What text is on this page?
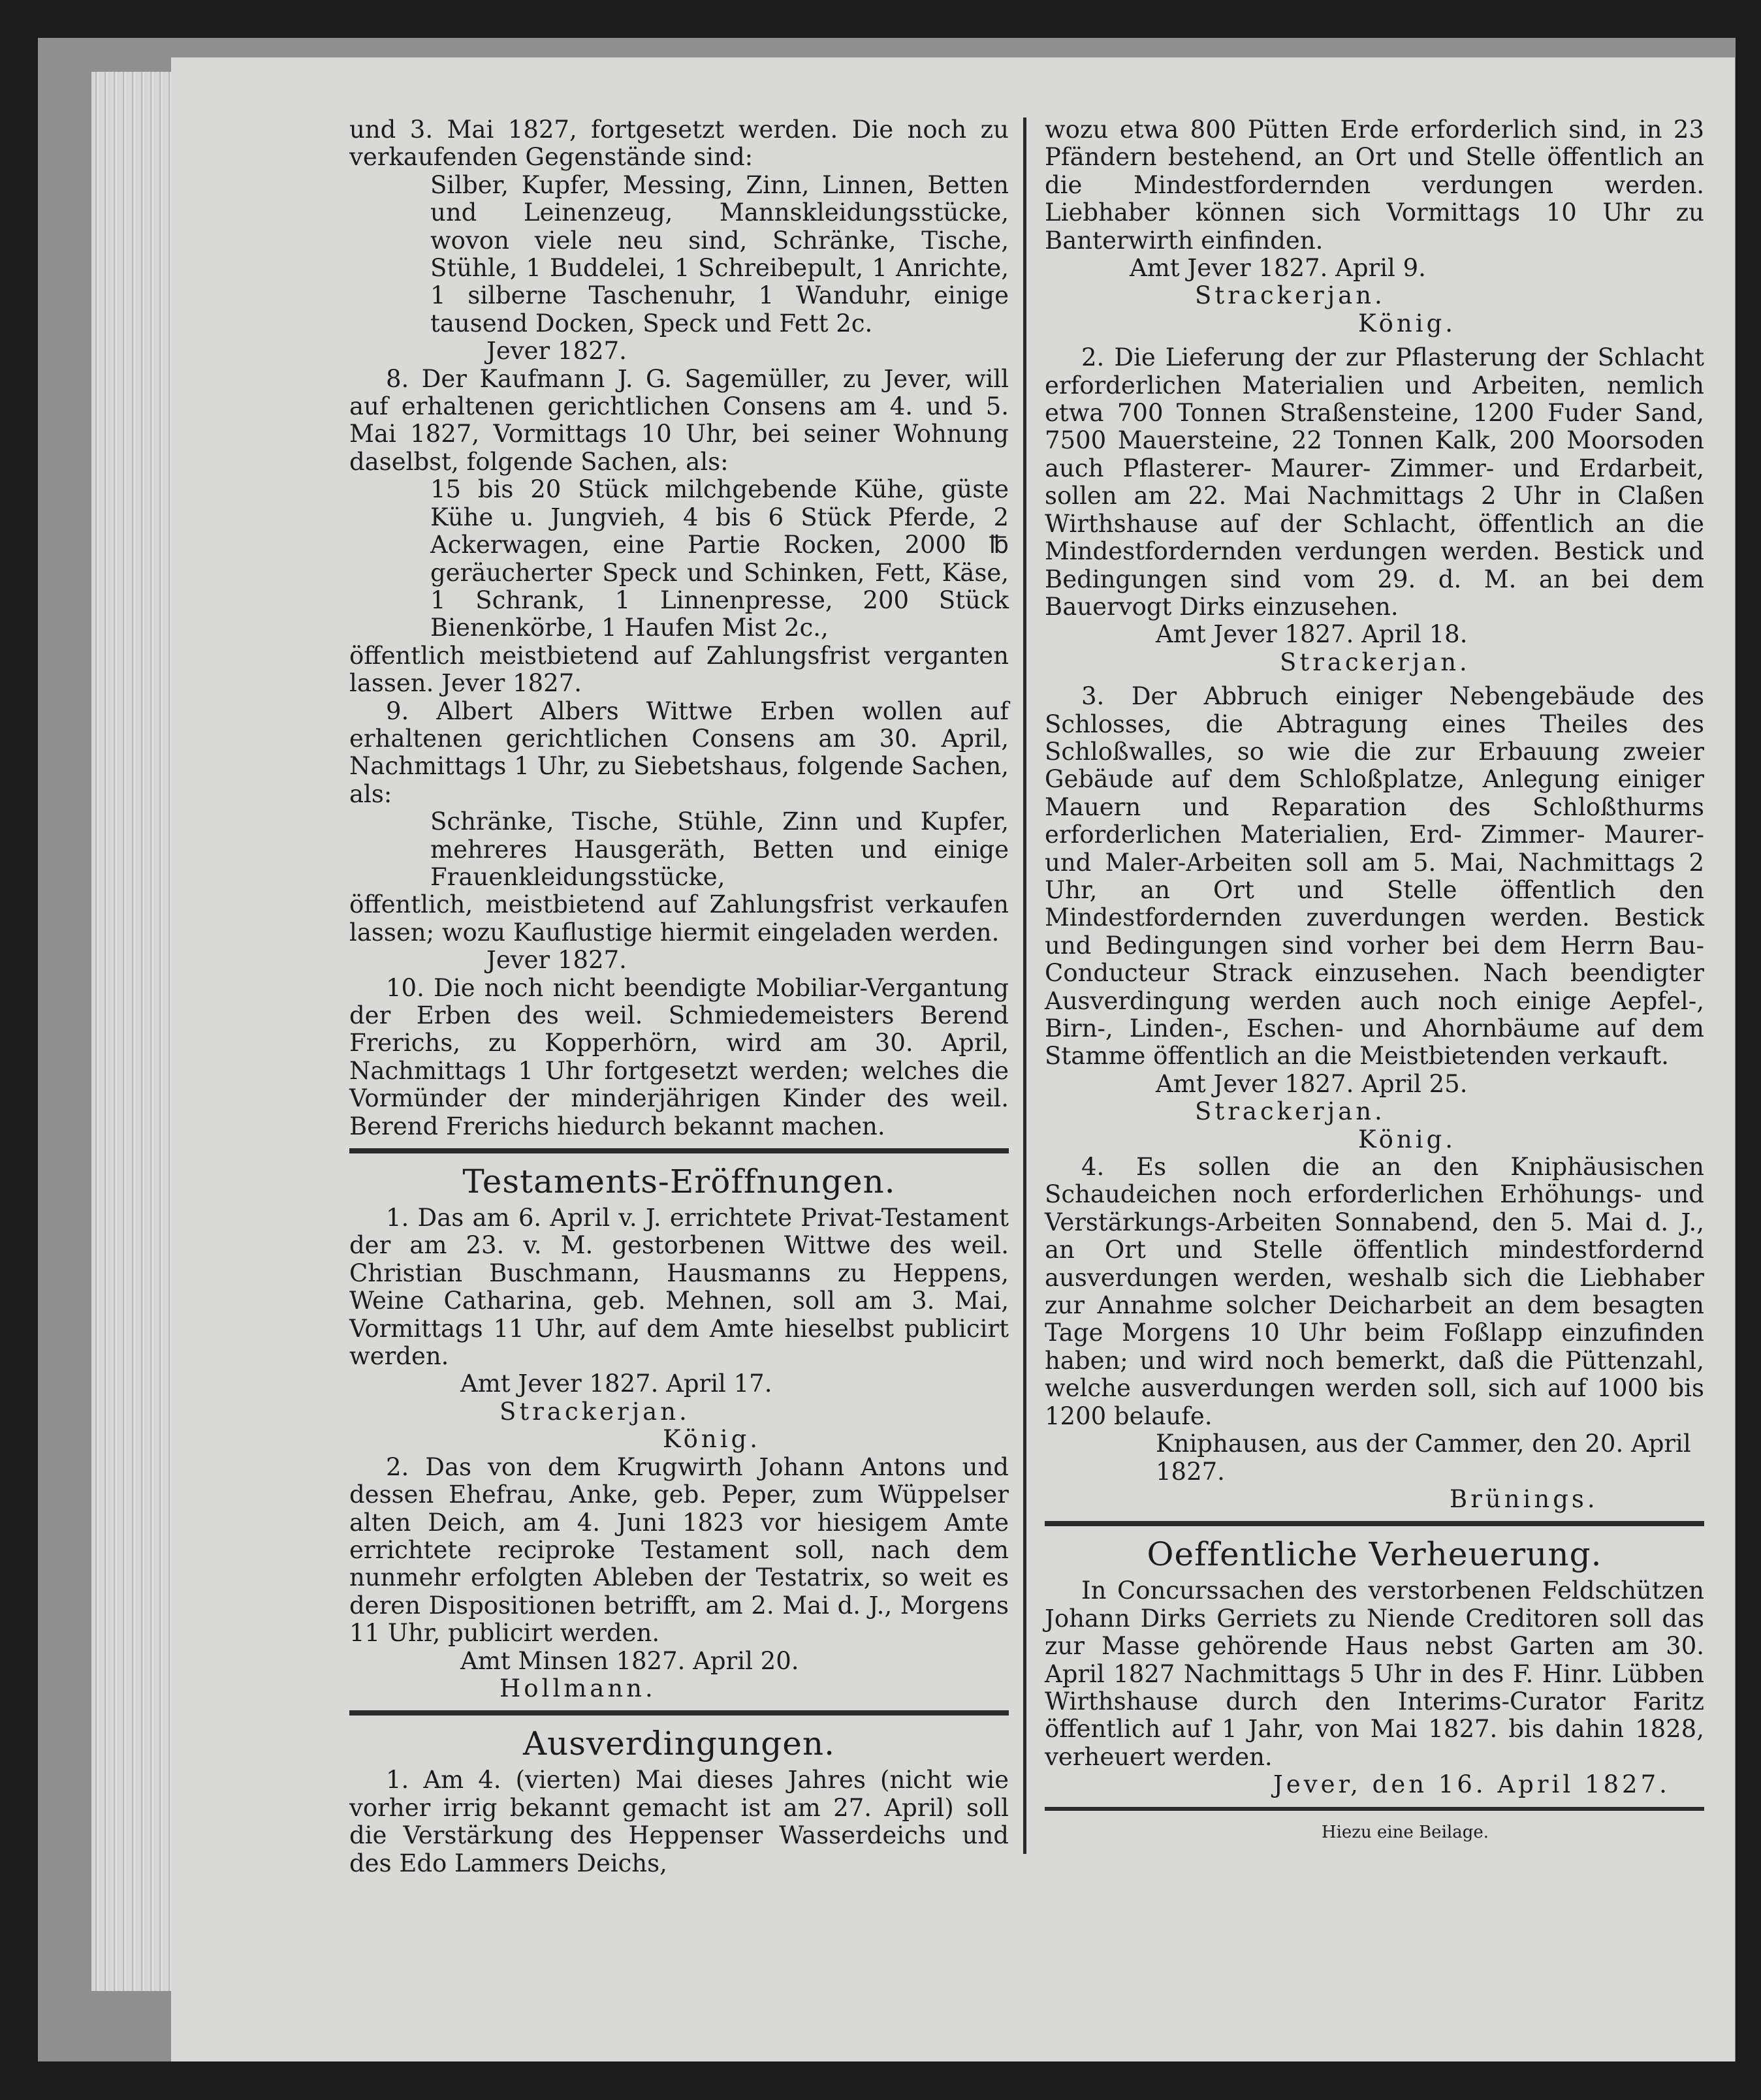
und 3. Mai 1827, fortgesetzt werden. Die noch zu verkaufenden Gegenstände sind:

Silber, Kupfer, Messing, Zinn, Linnen, Betten und Leinenzeug, Mannskleidungsstücke, wovon viele neu sind, Schränke, Tische, Stühle, 1 Buddelei, 1 Schreibepult, 1 Anrichte, 1 silberne Taschenuhr, 1 Wanduhr, einige tausend Docken, Speck und Fett 2c.

Jever 1827.

8. Der Kaufmann J. G. Sagemüller, zu Jever, will auf erhaltenen gerichtlichen Consens am 4. und 5. Mai 1827, Vormittags 10 Uhr, bei seiner Wohnung daselbst, folgende Sachen, als:

15 bis 20 Stück milchgebende Kühe, güste Kühe u. Jungvieh, 4 bis 6 Stück Pferde, 2 Ackerwagen, eine Partie Rocken, 2000 ℔ geräucherter Speck und Schinken, Fett, Käse, 1 Schrank, 1 Linnenpresse, 200 Stück Bienenkörbe, 1 Haufen Mist 2c.,

öffentlich meistbietend auf Zahlungsfrist verganten lassen. Jever 1827.

9. Albert Albers Wittwe Erben wollen auf erhaltenen gerichtlichen Consens am 30. April, Nachmittags 1 Uhr, zu Siebetshaus, folgende Sachen, als:

Schränke, Tische, Stühle, Zinn und Kupfer, mehreres Hausgeräth, Betten und einige Frauenkleidungsstücke,

öffentlich, meistbietend auf Zahlungsfrist verkaufen lassen; wozu Kauflustige hiermit eingeladen werden.

Jever 1827.

10. Die noch nicht beendigte Mobiliar-Vergantung der Erben des weil. Schmiedemeisters Berend Frerichs, zu Kopperhörn, wird am 30. April, Nachmittags 1 Uhr fortgesetzt werden; welches die Vormünder der minderjährigen Kinder des weil. Berend Frerichs hiedurch bekannt machen.

Testaments-Eröffnungen.

1. Das am 6. April v. J. errichtete Privat-Testament der am 23. v. M. gestorbenen Wittwe des weil. Christian Buschmann, Hausmanns zu Heppens, Weine Catharina, geb. Mehnen, soll am 3. Mai, Vormittags 11 Uhr, auf dem Amte hieselbst publicirt werden.

Amt Jever 1827. April 17.

Strackerjan.

König.

2. Das von dem Krugwirth Johann Antons und dessen Ehefrau, Anke, geb. Peper, zum Wüppelser alten Deich, am 4. Juni 1823 vor hiesigem Amte errichtete reciproke Testament soll, nach dem nunmehr erfolgten Ableben der Testatrix, so weit es deren Dispositionen betrifft, am 2. Mai d. J., Morgens 11 Uhr, publicirt werden.

Amt Minsen 1827. April 20.

Hollmann.

Ausverdingungen.

1. Am 4. (vierten) Mai dieses Jahres (nicht wie vorher irrig bekannt gemacht ist am 27. April) soll die Verstärkung des Heppenser Wasserdeichs und des Edo Lammers Deichs,

wozu etwa 800 Pütten Erde erforderlich sind, in 23 Pfändern bestehend, an Ort und Stelle öffentlich an die Mindestfordernden verdungen werden. Liebhaber können sich Vormittags 10 Uhr zu Banterwirth einfinden.

Amt Jever 1827. April 9.

Strackerjan.

König.

2. Die Lieferung der zur Pflasterung der Schlacht erforderlichen Materialien und Arbeiten, nemlich etwa 700 Tonnen Straßensteine, 1200 Fuder Sand, 7500 Mauersteine, 22 Tonnen Kalk, 200 Moorsoden auch Pflasterer- Maurer- Zimmer- und Erdarbeit, sollen am 22. Mai Nachmittags 2 Uhr in Claßen Wirthshause auf der Schlacht, öffentlich an die Mindestfordernden verdungen werden. Bestick und Bedingungen sind vom 29. d. M. an bei dem Bauervogt Dirks einzusehen.

Amt Jever 1827. April 18.

Strackerjan.

3. Der Abbruch einiger Nebengebäude des Schlosses, die Abtragung eines Theiles des Schloßwalles, so wie die zur Erbauung zweier Gebäude auf dem Schloßplatze, Anlegung einiger Mauern und Reparation des Schloßthurms erforderlichen Materialien, Erd- Zimmer- Maurer- und Maler-Arbeiten soll am 5. Mai, Nachmittags 2 Uhr, an Ort und Stelle öffentlich den Mindestfordernden zuverdungen werden. Bestick und Bedingungen sind vorher bei dem Herrn Bau-Conducteur Strack einzusehen. Nach beendigter Ausverdingung werden auch noch einige Aepfel-, Birn-, Linden-, Eschen- und Ahornbäume auf dem Stamme öffentlich an die Meistbietenden verkauft.

Amt Jever 1827. April 25.

Strackerjan.

König.

4. Es sollen die an den Kniphäusischen Schaudeichen noch erforderlichen Erhöhungs- und Verstärkungs-Arbeiten Sonnabend, den 5. Mai d. J., an Ort und Stelle öffentlich mindestfordernd ausverdungen werden, weshalb sich die Liebhaber zur Annahme solcher Deicharbeit an dem besagten Tage Morgens 10 Uhr beim Foßlapp einzufinden haben; und wird noch bemerkt, daß die Püttenzahl, welche ausverdungen werden soll, sich auf 1000 bis 1200 belaufe.

Kniphausen, aus der Cammer, den 20. April 1827.

Brünings.

Oeffentliche Verheuerung.

In Concurssachen des verstorbenen Feldschützen Johann Dirks Gerriets zu Niende Creditoren soll das zur Masse gehörende Haus nebst Garten am 30. April 1827 Nachmittags 5 Uhr in des F. Hinr. Lübben Wirthshause durch den Interims-Curator Faritz öffentlich auf 1 Jahr, von Mai 1827. bis dahin 1828, verheuert werden.

Jever, den 16. April 1827.

Hiezu eine Beilage.
